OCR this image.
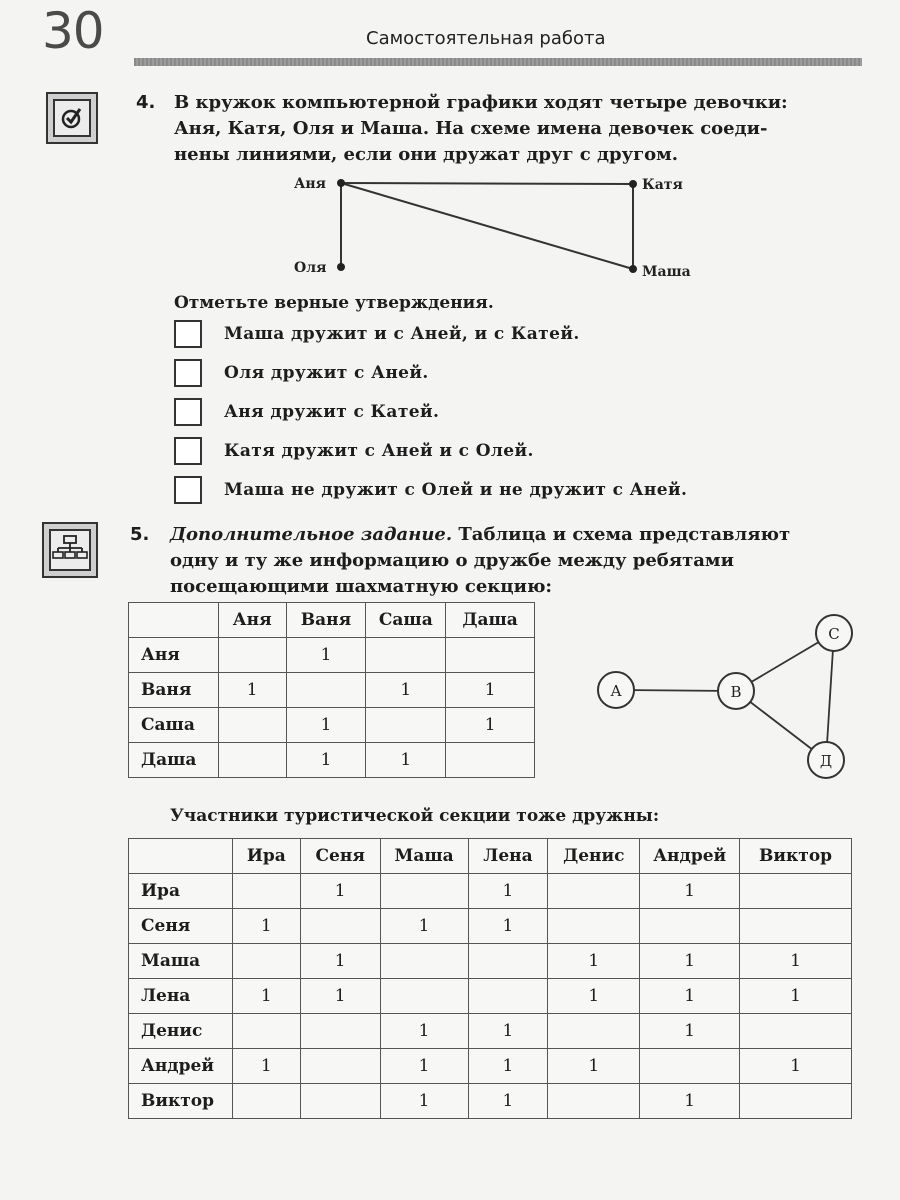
30	Самостоятельная работа
4. В кружок компьютерной графики ходят четыре девочки:
Аня, Катя, Оля и Маша. На схеме имена девочек соеди-
нены линиями, если они дружат друг с другом.
Аня	Катя
Оля	Маша
Отметьте верные утверждения.
Маша дружит и с Аней, и с Катей.
Оля дружит с Аней.
Аня дружит с Катей.
Катя дружит с Аней и с Олей.
Маша не дружит с Олей и не дружит с Аней.
5. Дополнительное задание. Таблица и схема представляют
одну и ту же информацию о дружбе между ребятами
посещающими шахматную секцию:
	Аня	Ваня	Саша	Даша
Аня		1		
Ваня	1		1	1
Саша		1		1
Даша		1	1	
А	В
С
Д
Участники туристической секции тоже дружны:
	Ира	Сеня	Маша	Лена	Денис	Андрей	Виктор
Ира		1		1		1	
Сеня	1		1	1			
Маша		1			1	1	1
Лена	1	1			1	1	1
Денис			1	1		1	
Андрей	1		1	1	1		1
Виктор			1	1		1	
